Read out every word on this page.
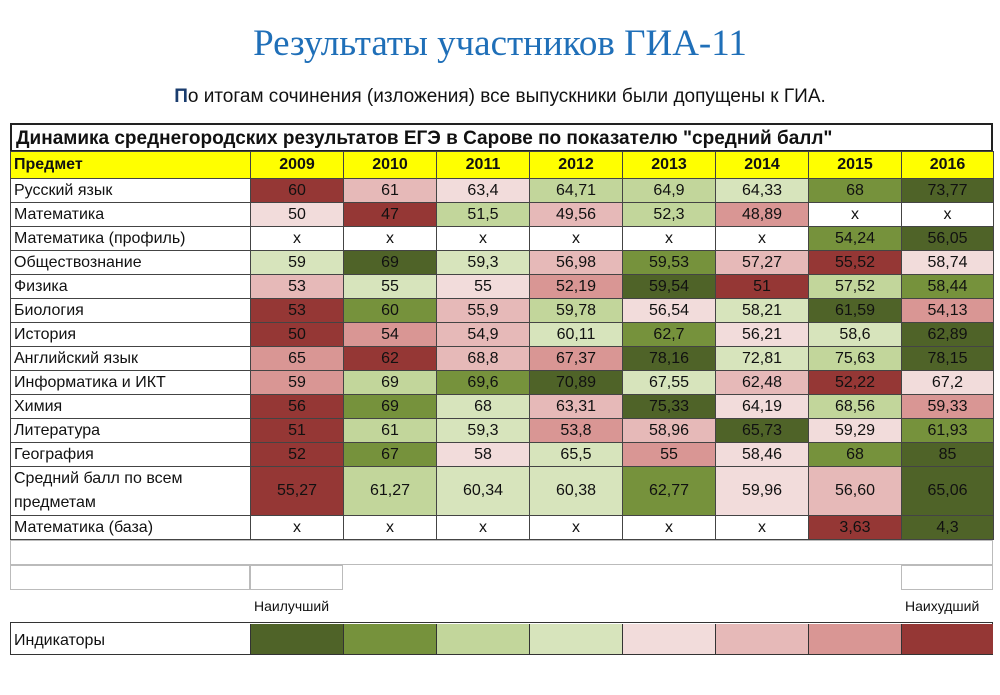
Результаты участников ГИА-11
По итогам сочинения (изложения) все выпускники были допущены к ГИА.
Динамика среднегородских результатов ЕГЭ в Сарове по показателю "средний балл"
Предмет	2009	2010	2011	2012	2013	2014	2015	2016
Русский язык	60	61	63,4	64,71	64,9	64,33	68	73,77
Математика	50	47	51,5	49,56	52,3	48,89	x	x
Математика (профиль)	x	x	x	x	x	x	54,24	56,05
Обществознание	59	69	59,3	56,98	59,53	57,27	55,52	58,74
Физика	53	55	55	52,19	59,54	51	57,52	58,44
Биология	53	60	55,9	59,78	56,54	58,21	61,59	54,13
История	50	54	54,9	60,11	62,7	56,21	58,6	62,89
Английский язык	65	62	68,8	67,37	78,16	72,81	75,63	78,15
Информатика и ИКТ	59	69	69,6	70,89	67,55	62,48	52,22	67,2
Химия	56	69	68	63,31	75,33	64,19	68,56	59,33
Литература	51	61	59,3	53,8	58,96	65,73	59,29	61,93
География	52	67	58	65,5	55	58,46	68	85
Средний балл по всем предметам	55,27	61,27	60,34	60,38	62,77	59,96	56,60	65,06
Математика (база)	x	x	x	x	x	x	3,63	4,3
Наилучший	Наихудший
Индикаторы
